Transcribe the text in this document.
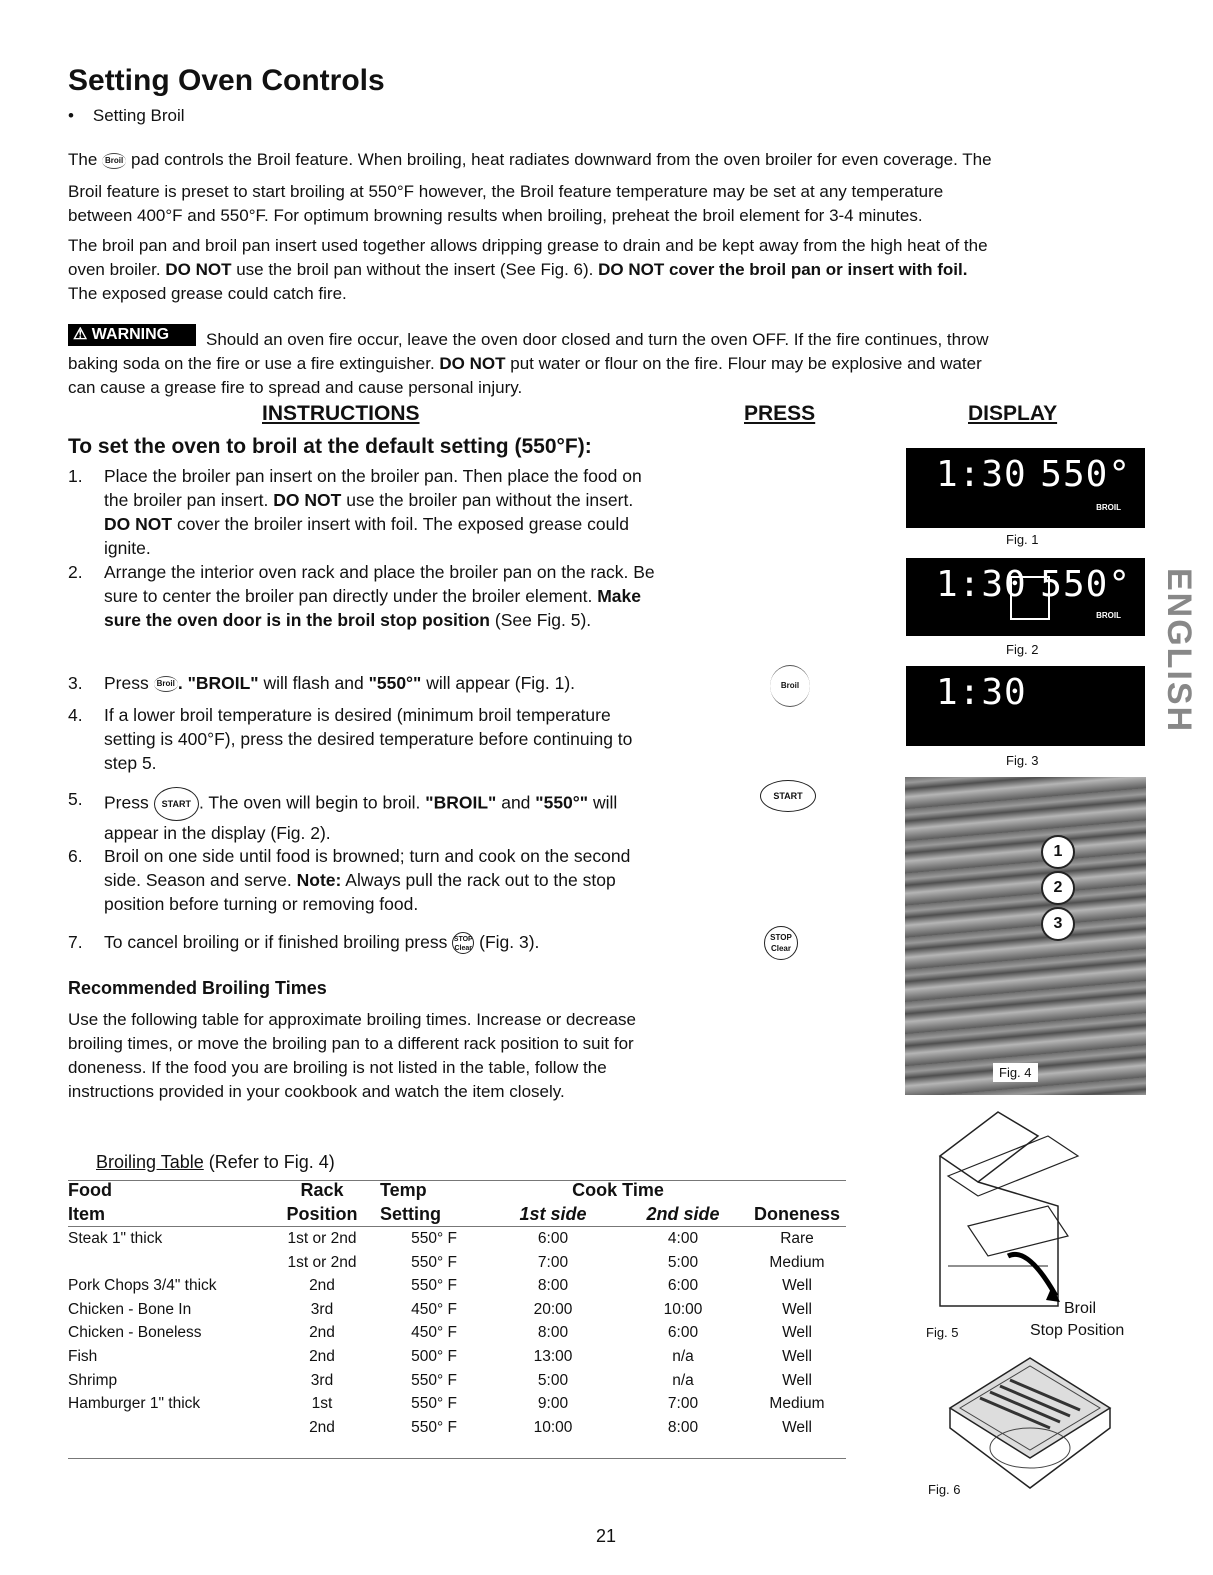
Setting Oven Controls
•    Setting Broil
The Broil pad controls the Broil feature. When broiling, heat radiates downward from the oven broiler for even coverage. The
Broil feature is preset to start broiling at 550°F however, the Broil feature temperature may be set at any temperature
between 400°F and 550°F. For optimum browning results when broiling, preheat the broil element for 3-4 minutes.
The broil pan and broil pan insert used together allows dripping grease to drain and be kept away from the high heat of the
oven broiler. DO NOT use the broil pan without the insert (See Fig. 6). DO NOT cover the broil pan or insert with foil.
The exposed grease could catch fire.
⚠ WARNING	Should an oven fire occur, leave the oven door closed and turn the oven OFF. If the fire continues, throw
baking soda on the fire or use a fire extinguisher. DO NOT put water or flour on the fire. Flour may be explosive and water
can cause a grease fire to spread and cause personal injury.
INSTRUCTIONS	PRESS	DISPLAY
To set the oven to broil at the default setting (550°F):
1. Place the broiler pan insert on the broiler pan. Then place the food on the broiler pan insert. DO NOT use the broiler pan without the insert. DO NOT cover the broiler insert with foil. The exposed grease could ignite.
2. Arrange the interior oven rack and place the broiler pan on the rack. Be sure to center the broiler pan directly under the broiler element. Make sure the oven door is in the broil stop position (See Fig. 5).
3. Press Broil . "BROIL" will flash and "550°" will appear (Fig. 1).
4. If a lower broil temperature is desired (minimum broil temperature setting is 400°F), press the desired temperature before continuing to step 5.
5. Press START . The oven will begin to broil. "BROIL" and "550°" will appear in the display (Fig. 2).
6. Broil on one side until food is browned; turn and cook on the second side. Season and serve. Note: Always pull the rack out to the stop position before turning or removing food.
7. To cancel broiling or if finished broiling press STOP
Clear (Fig. 3).
Broil
START
STOP
Clear
1:30 550°
BROIL
Fig. 1
1:30 550°
BROIL
Fig. 2
1:30
Fig. 3
1
2
3
Fig. 4
ENGLISH
Broil
Stop Position
Fig. 5
Fig. 6
Recommended Broiling Times
Use the following table for approximate broiling times. Increase or decrease broiling times, or move the broiling pan to a different rack position to suit for doneness. If the food you are broiling is not listed in the table, follow the instructions provided in your cookbook and watch the item closely.
Broiling Table (Refer to Fig. 4)
Food	Rack	Temp	Cook Time		
Item	Position	Setting	1st side	2nd side	Doneness
Steak 1" thick	1st or 2nd	550° F	6:00	4:00	Rare
	1st or 2nd	550° F	7:00	5:00	Medium
Pork Chops 3/4" thick	2nd	550° F	8:00	6:00	Well
Chicken - Bone In	3rd	450° F	20:00	10:00	Well
Chicken - Boneless	2nd	450° F	8:00	6:00	Well
Fish	2nd	500° F	13:00	n/a	Well
Shrimp	3rd	550° F	5:00	n/a	Well
Hamburger 1" thick	1st	550° F	9:00	7:00	Medium
	2nd	550° F	10:00	8:00	Well
21
